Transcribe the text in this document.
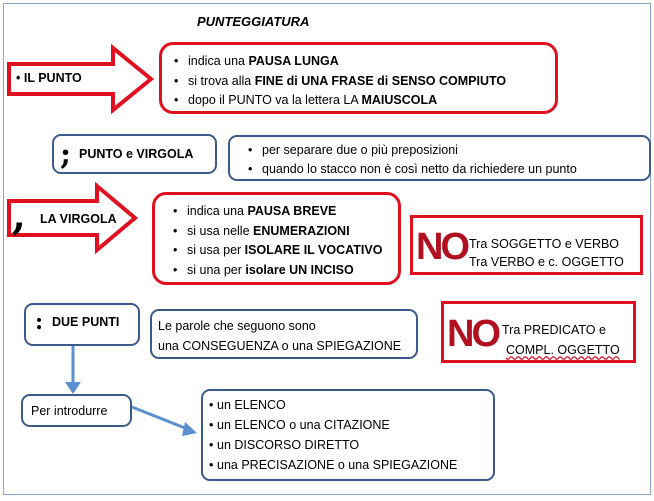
PUNTEGGIATURA
• IL PUNTO
• indica una PAUSA LUNGA
• si trova alla FINE di UNA FRASE di SENSO COMPIUTO
• dopo il PUNTO va la lettera LA MAIUSCOLA
; PUNTO e VIRGOLA	• per separare due o più preposizioni
• quando lo stacco non è così netto da richiedere un punto
, LA VIRGOLA
• indica una PAUSA BREVE
• si usa nelle ENUMERAZIONI
• si usa per ISOLARE IL VOCATIVO
• si una per isolare UN INCISO
NO Tra SOGGETTO e VERBO
Tra VERBO e c. OGGETTO
: DUE PUNTI	Le parole che seguono sono
una CONSEGUENZA o una SPIEGAZIONE	NO Tra PREDICATO e
COMPL. OGGETTO
Per introdurre	• un ELENCO
• un ELENCO o una CITAZIONE
• un DISCORSO DIRETTO
• una PRECISAZIONE o una SPIEGAZIONE
